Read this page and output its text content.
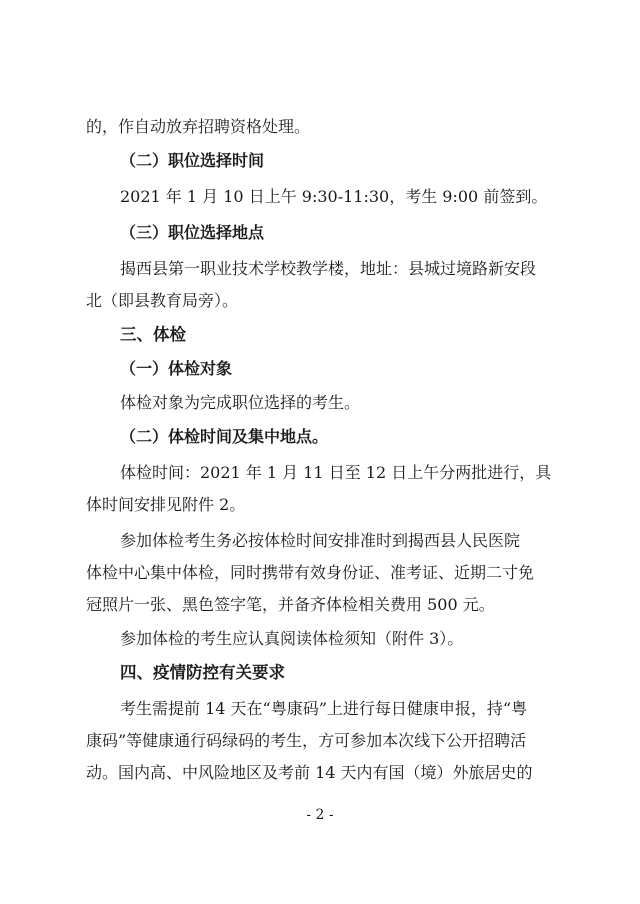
的，作自动放弃招聘资格处理。
（二）职位选择时间
2021 年 1 月 10 日上午 9:30-11:30，考生 9:00 前签到。
（三）职位选择地点
揭西县第一职业技术学校教学楼，地址：县城过境路新安段
北（即县教育局旁）。
三、体检
（一）体检对象
体检对象为完成职位选择的考生。
（二）体检时间及集中地点。
体检时间：2021 年 1 月 11 日至 12 日上午分两批进行，具
体时间安排见附件 2。
参加体检考生务必按体检时间安排准时到揭西县人民医院
体检中心集中体检，同时携带有效身份证、准考证、近期二寸免
冠照片一张、黑色签字笔，并备齐体检相关费用 500 元。
参加体检的考生应认真阅读体检须知（附件 3）。
四、疫情防控有关要求
考生需提前 14 天在“粤康码”上进行每日健康申报，持“粤
康码”等健康通行码绿码的考生，方可参加本次线下公开招聘活
动。国内高、中风险地区及考前 14 天内有国（境）外旅居史的
- 2 -
